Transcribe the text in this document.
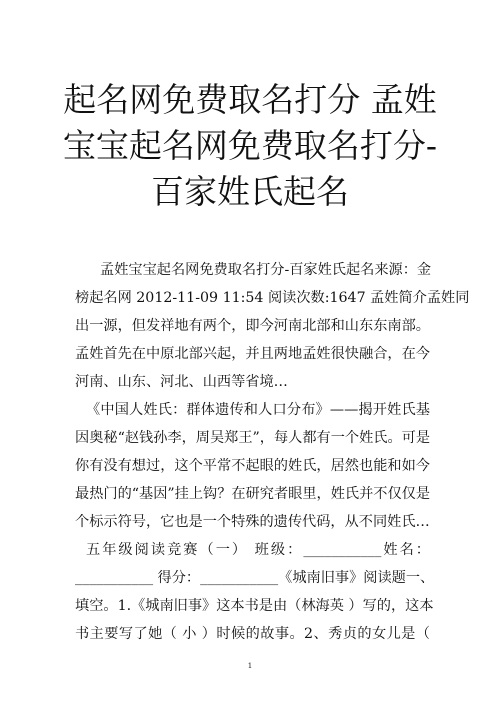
起名网免费取名打分 孟姓
宝宝起名网免费取名打分-
百家姓氏起名

孟姓宝宝起名网免费取名打分-百家姓氏起名来源：金

榜起名网 2012-11-09 11:54 阅读次数:1647 孟姓简介孟姓同

出一源，但发祥地有两个，即今河南北部和山东东南部。

孟姓首先在中原北部兴起，并且两地孟姓很快融合，在今

河南、山东、河北、山西等省境…

《中国人姓氏：群体遗传和人口分布》——揭开姓氏基

因奥秘“赵钱孙李，周吴郑王”，每人都有一个姓氏。可是

你有没有想过，这个平常不起眼的姓氏，居然也能和如今

最热门的“基因”挂上钩？在研究者眼里，姓氏并不仅仅是

个标示符号，它也是一个特殊的遗传代码，从不同姓氏…

五年级阅读竞赛（一） 班级：___________姓名：

___________ 得分：___________《城南旧事》阅读题一、

填空。1.《城南旧事》这本书是由（林海英 ）写的，这本

书主要写了她（ 小 ）时候的故事。2、秀贞的女儿是（

1
